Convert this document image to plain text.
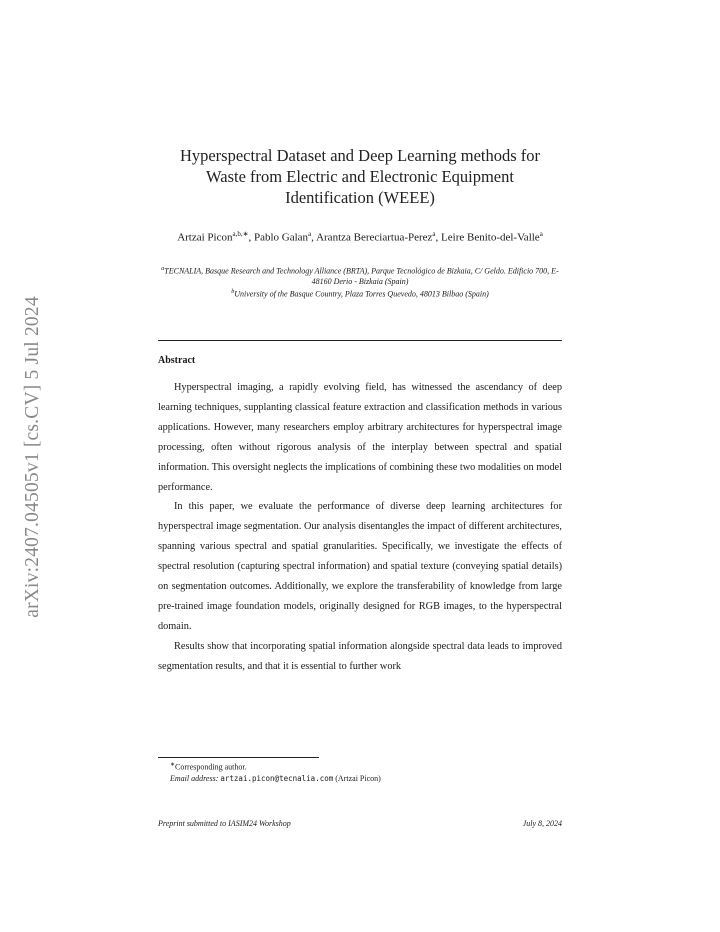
arXiv:2407.04505v1 [cs.CV] 5 Jul 2024
Hyperspectral Dataset and Deep Learning methods for
Waste from Electric and Electronic Equipment
Identification (WEEE)
Artzai Picon$^{a,b,∗}$, Pablo Galan$^a$, Arantza Bereciartua-Perez$^a$, Leire Benito-del-Valle$^a$
$^a$TECNALIA, Basque Research and Technology Alliance (BRTA), Parque Tecnológico de Bizkaia, C/ Geldo. Edificio 700, E-48160 Derio - Bizkaia (Spain)
$^b$University of the Basque Country, Plaza Torres Quevedo, 48013 Bilbao (Spain)
Abstract

Hyperspectral imaging, a rapidly evolving field, has witnessed the ascendancy of deep learning techniques, supplanting classical feature extraction and classification methods in various applications. However, many researchers employ arbitrary architectures for hyperspectral image processing, often without rigorous analysis of the interplay between spectral and spatial information. This oversight neglects the implications of combining these two modalities on model performance.

In this paper, we evaluate the performance of diverse deep learning architectures for hyperspectral image segmentation. Our analysis disentangles the impact of different architectures, spanning various spectral and spatial granularities. Specifically, we investigate the effects of spectral resolution (capturing spectral information) and spatial texture (conveying spatial details) on segmentation outcomes. Additionally, we explore the transferability of knowledge from large pre-trained image foundation models, originally designed for RGB images, to the hyperspectral domain.

Results show that incorporating spatial information alongside spectral data leads to improved segmentation results, and that it is essential to further work

∗Corresponding author.
Email address: artzai.picon@tecnalia.com (Artzai Picon)
Preprint submitted to IASIM24 Workshop	July 8, 2024
